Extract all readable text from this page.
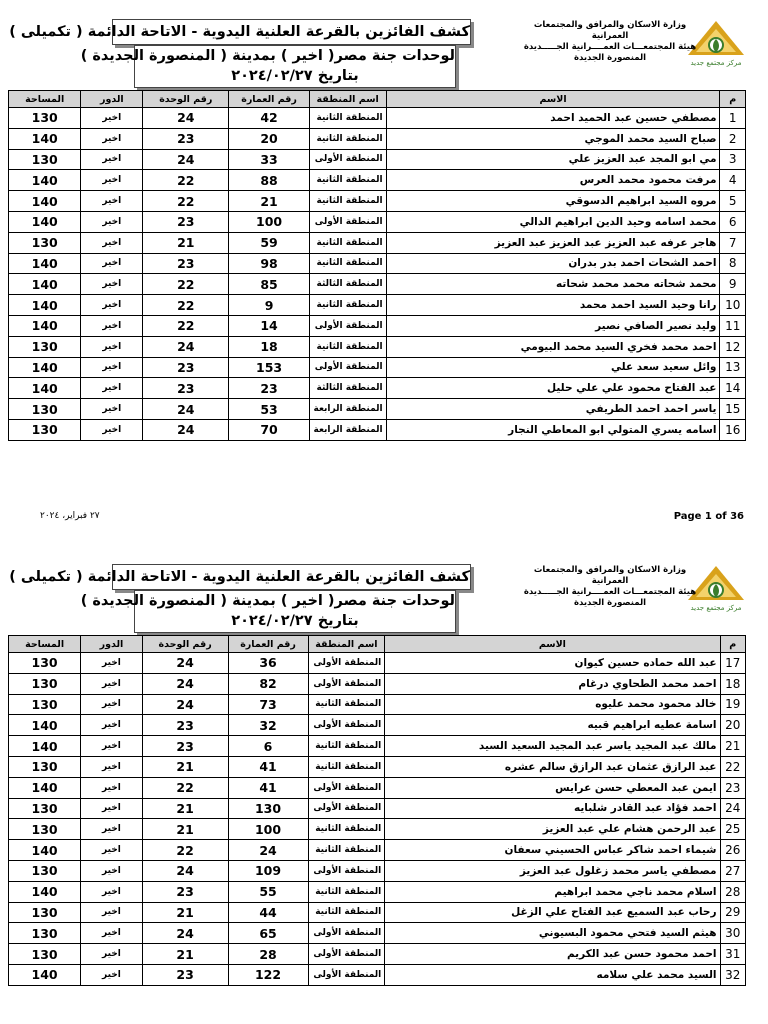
مركز مجتمع جديد
وزارة الاسكان والمرافق والمجتمعات العمرانية
هيئة المجتمعـــات العمــــرانية الجـــــديدة
المنصورة الجديدة
كشف الفائزين بالقرعة العلنية اليدوية - الاتاحة الدائمة ( تكميلى )
لوحدات جنة مصر( اخير ) بمدينة ( المنصورة الجديدة )
بتاريخ ٢٠٢٤/٠٢/٢٧
م	الاسم	اسم المنطقة	رقم العمارة	رقم الوحدة	الدور	المساحة
1	مصطفي حسين عبد الحميد احمد	المنطقة الثانية	42	24	اخير	130
2	صباح السيد محمد الموجي	المنطقة الثانية	20	23	اخير	140
3	مي ابو المجد عبد العزيز علي	المنطقة الأولى	33	24	اخير	130
4	مرفت محمود محمد العرس	المنطقة الثانية	88	22	اخير	140
5	مروه السيد ابراهيم الدسوقي	المنطقة الثانية	21	22	اخير	140
6	محمد اسامه وحيد الدين ابراهيم الدالي	المنطقة الأولى	100	23	اخير	140
7	هاجر عرفه عبد العزيز عبد العزيز عبد العزيز	المنطقة الثانية	59	21	اخير	130
8	احمد الشحات احمد بدر بدران	المنطقة الثانية	98	23	اخير	140
9	محمد شحاته محمد محمد شحاته	المنطقة الثالثة	85	22	اخير	140
10	رانا وحيد السيد احمد محمد	المنطقة الثانية	9	22	اخير	140
11	وليد نصير الصافي نصير	المنطقة الأولى	14	22	اخير	140
12	احمد محمد فخري السيد محمد البيومي	المنطقة الثانية	18	24	اخير	130
13	وائل سعيد سعد علي	المنطقة الأولى	153	23	اخير	140
14	عبد الفتاح محمود علي علي حليل	المنطقة الثالثة	23	23	اخير	140
15	ياسر احمد احمد الطريفي	المنطقة الرابعة	53	24	اخير	130
16	اسامه يسري المتولي ابو المعاطي النجار	المنطقة الرابعة	70	24	اخير	130
Page 1 of 36
٢٧ فبراير، ٢٠٢٤
مركز مجتمع جديد
وزارة الاسكان والمرافق والمجتمعات العمرانية
هيئة المجتمعـــات العمــــرانية الجـــــديدة
المنصورة الجديدة
كشف الفائزين بالقرعة العلنية اليدوية - الاتاحة الدائمة ( تكميلى )
لوحدات جنة مصر( اخير ) بمدينة ( المنصورة الجديدة )
بتاريخ ٢٠٢٤/٠٢/٢٧
م	الاسم	اسم المنطقة	رقم العمارة	رقم الوحدة	الدور	المساحة
17	عبد الله حماده حسين كيوان	المنطقة الأولى	36	24	اخير	130
18	احمد محمد الطحاوي درغام	المنطقة الأولى	82	24	اخير	130
19	خالد محمود محمد عليوه	المنطقة الثانية	73	24	اخير	130
20	اسامة عطيه ابراهيم قبيه	المنطقة الأولى	32	23	اخير	140
21	مالك عبد المجيد ياسر عبد المجيد السعيد السيد	المنطقة الثانية	6	23	اخير	140
22	عبد الرازق عثمان عبد الرازق سالم عشره	المنطقة الثانية	41	21	اخير	130
23	ايمن عبد المعطي حسن عرايس	المنطقة الأولى	41	22	اخير	140
24	احمد فؤاد عبد القادر شلبايه	المنطقة الأولى	130	21	اخير	130
25	عبد الرحمن هشام علي عبد العزيز	المنطقة الثانية	100	21	اخير	130
26	شيماء احمد شاكر عباس الحسيني سعفان	المنطقة الثانية	24	22	اخير	140
27	مصطفي ياسر محمد زغلول عبد العزيز	المنطقة الأولى	109	24	اخير	130
28	اسلام محمد ناجي محمد ابراهيم	المنطقة الثانية	55	23	اخير	140
29	رحاب عبد السميع عبد الفتاح علي الزغل	المنطقة الثانية	44	21	اخير	130
30	هيثم السيد فتحي محمود البسيوني	المنطقة الأولى	65	24	اخير	130
31	احمد محمود حسن عبد الكريم	المنطقة الأولى	28	21	اخير	130
32	السيد محمد علي سلامه	المنطقة الأولى	122	23	اخير	140
